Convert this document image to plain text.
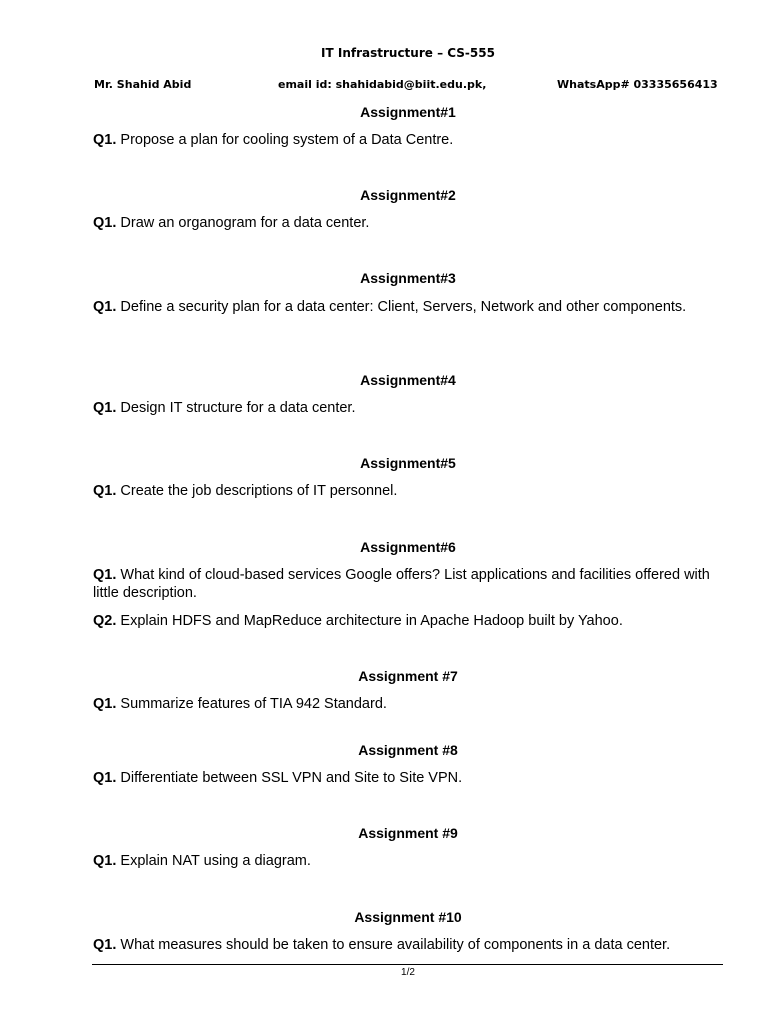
IT Infrastructure – CS-555
Mr. Shahid Abid	email id: shahidabid@biit.edu.pk,	WhatsApp# 03335656413
Assignment#1
Q1. Propose a plan for cooling system of a Data Centre.
Assignment#2
Q1. Draw an organogram for a data center.
Assignment#3
Q1. Define a security plan for a data center: Client, Servers, Network and other components.
Assignment#4
Q1. Design IT structure for a data center.
Assignment#5
Q1. Create the job descriptions of IT personnel.
Assignment#6
Q1. What kind of cloud-based services Google offers? List applications and facilities offered with little description.
Q2. Explain HDFS and MapReduce architecture in Apache Hadoop built by Yahoo.
Assignment #7
Q1. Summarize features of TIA 942 Standard.
Assignment #8
Q1. Differentiate between SSL VPN and Site to Site VPN.
Assignment #9
Q1. Explain NAT using a diagram.
Assignment #10
Q1. What measures should be taken to ensure availability of components in a data center.
1/2
